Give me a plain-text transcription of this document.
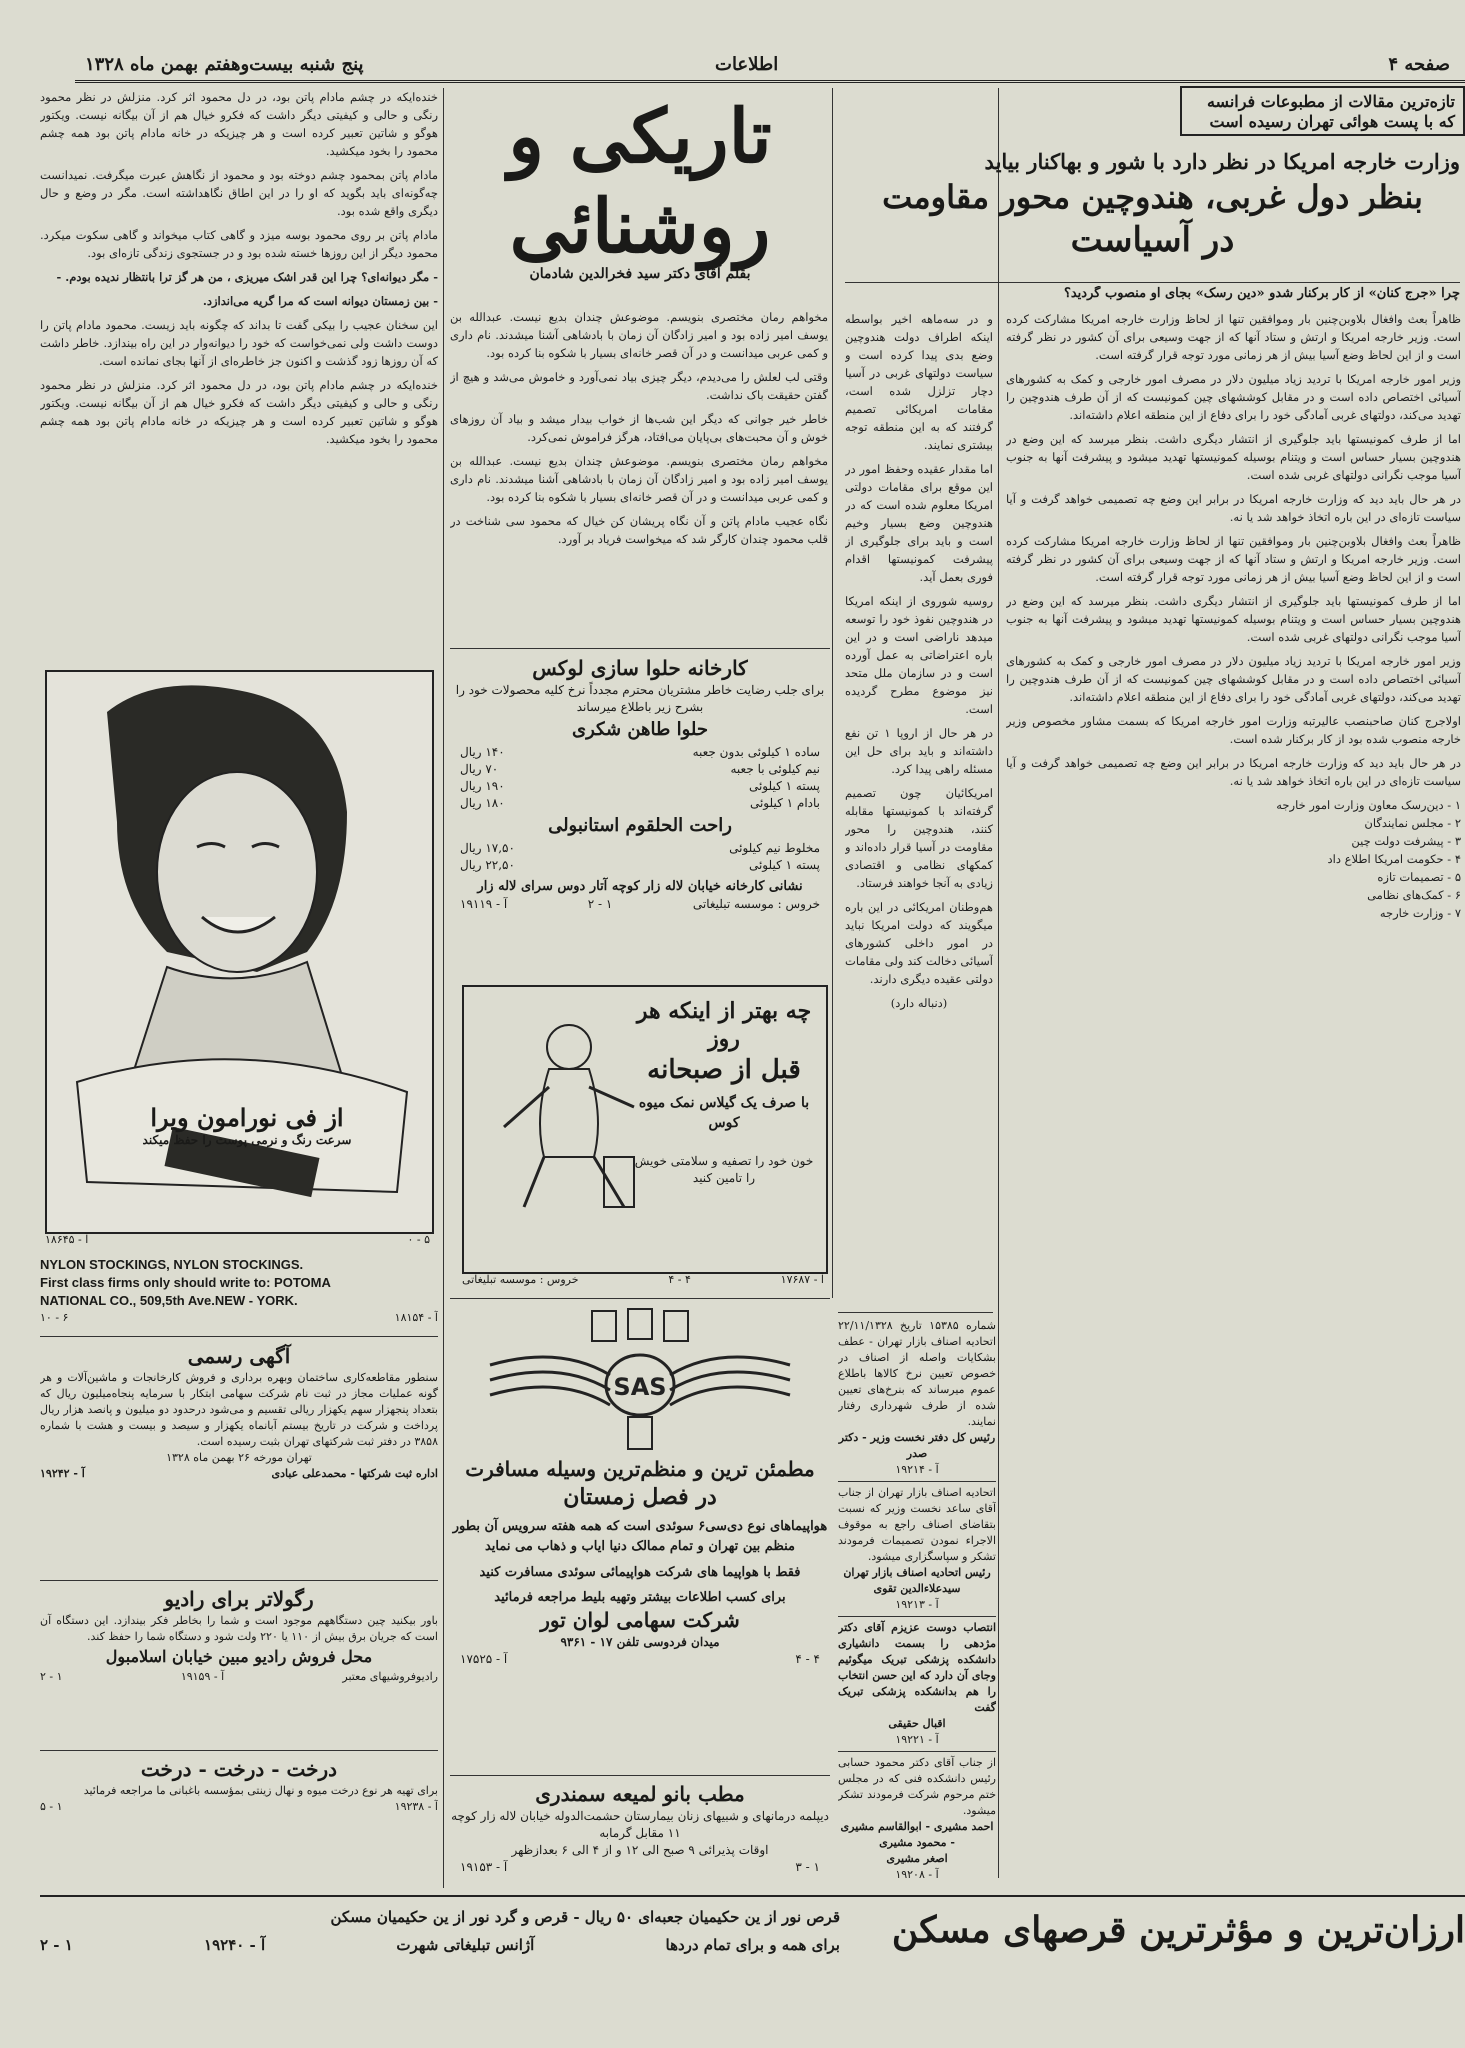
صفحه ۴
اطلاعات
پنج شنبه بیست‌وهفتم بهمن ماه ۱۳۲۸
تازه‌ترین مقالات از مطبوعات فرانسه که با پست هوائی تهران رسیده است
وزارت خارجه امریکا در نظر دارد با شور و بهاکنار بیاید
بنظر دول غربی، هندوچین محور مقاومت
در آسیاست
چرا «جرج کنان» از کار برکنار شدو «دین رسک» بجای او منصوب گردید؟

ظاهراً بعث وافغال بلاوبن‌چنین بار وموافقین تنها از لحاظ وزارت خارجه امریکا مشارکت کرده است. وزیر خارجه امریکا و ارتش و ستاد آنها که از جهت وسیعی برای آن کشور در نظر گرفته است و از این لحاظ وضع آسیا بیش از هر زمانی مورد توجه قرار گرفته است.

وزیر امور خارجه امریکا با تردید زیاد میلیون دلار در مصرف امور خارجی و کمک به کشورهای آسیائی اختصاص داده است و در مقابل کوششهای چین کمونیست که از آن طرف هندوچین را تهدید می‌کند، دولتهای غربی آمادگی خود را برای دفاع از این منطقه اعلام داشته‌اند.

اما از طرف کمونیستها باید جلوگیری از انتشار دیگری داشت. بنظر میرسد که این وضع در هندوچین بسیار حساس است و ویتنام بوسیله کمونیستها تهدید میشود و پیشرفت آنها به جنوب آسیا موجب نگرانی دولتهای غربی شده است.

در هر حال باید دید که وزارت خارجه امریکا در برابر این وضع چه تصمیمی خواهد گرفت و آیا سیاست تازه‌ای در این باره اتخاذ خواهد شد یا نه.

ظاهراً بعث وافغال بلاوبن‌چنین بار وموافقین تنها از لحاظ وزارت خارجه امریکا مشارکت کرده است. وزیر خارجه امریکا و ارتش و ستاد آنها که از جهت وسیعی برای آن کشور در نظر گرفته است و از این لحاظ وضع آسیا بیش از هر زمانی مورد توجه قرار گرفته است.

اما از طرف کمونیستها باید جلوگیری از انتشار دیگری داشت. بنظر میرسد که این وضع در هندوچین بسیار حساس است و ویتنام بوسیله کمونیستها تهدید میشود و پیشرفت آنها به جنوب آسیا موجب نگرانی دولتهای غربی شده است.

وزیر امور خارجه امریکا با تردید زیاد میلیون دلار در مصرف امور خارجی و کمک به کشورهای آسیائی اختصاص داده است و در مقابل کوششهای چین کمونیست که از آن طرف هندوچین را تهدید می‌کند، دولتهای غربی آمادگی خود را برای دفاع از این منطقه اعلام داشته‌اند.

اولاجرج کنان صاحبنصب عالیرتبه وزارت امور خارجه امریکا که بسمت مشاور مخصوص وزیر خارجه منصوب شده بود از کار برکنار شده است.

در هر حال باید دید که وزارت خارجه امریکا در برابر این وضع چه تصمیمی خواهد گرفت و آیا سیاست تازه‌ای در این باره اتخاذ خواهد شد یا نه.

۱ - دین‌رسک معاون وزارت امور خارجه
۲ - مجلس نمایندگان
۳ - پیشرفت دولت چین
۴ - حکومت امریکا اطلاع داد
۵ - تصمیمات تازه
۶ - کمک‌های نظامی
۷ - وزارت خارجه

و در سه‌ماهه اخیر بواسطه اینکه اطراف دولت هندوچین وضع بدی پیدا کرده است و سیاست دولتهای غربی در آسیا دچار تزلزل شده است، مقامات امریکائی تصمیم گرفتند که به این منطقه توجه بیشتری نمایند.

اما مقدار عقیده وحفظ امور در این موقع برای مقامات دولتی امریکا معلوم شده است که در هندوچین وضع بسیار وخیم است و باید برای جلوگیری از پیشرفت کمونیستها اقدام فوری بعمل آید.

روسیه شوروی از اینکه امریکا در هندوچین نفوذ خود را توسعه میدهد ناراضی است و در این باره اعتراضاتی به عمل آورده است و در سازمان ملل متحد نیز موضوع مطرح گردیده است.

در هر حال از اروپا ۱ تن نفع داشته‌اند و باید برای حل این مسئله راهی پیدا کرد.

امریکائیان چون تصمیم گرفته‌اند با کمونیستها مقابله کنند، هندوچین را محور مقاومت در آسیا قرار داده‌اند و کمکهای نظامی و اقتصادی زیادی به آنجا خواهند فرستاد.

هم‌وطنان امریکائی در این باره میگویند که دولت امریکا نباید در امور داخلی کشورهای آسیائی دخالت کند ولی مقامات دولتی عقیده دیگری دارند.

(دنباله دارد)
تاریکی و روشنائی
بقلم آقای دکتر سید فخرالدین شادمان

مخواهم رمان مختصری بنویسم. موضوعش چندان بدیع نیست. عبدالله بن یوسف امیر زاده بود و امیر زادگان آن زمان با بادشاهی آشنا میشدند. نام داری و کمی عربی میدانست و در آن قصر خانه‌ای بسیار با شکوه بنا کرده بود.

وقتی لب لعلش را می‌دیدم، دیگر چیزی بیاد نمی‌آورد و خاموش می‌شد و هیچ از گفتن حقیقت باک نداشت.

خاطر خیر جوانی که دیگر این شب‌ها از خواب بیدار میشد و بیاد آن روزهای خوش و آن محبت‌های بی‌پایان می‌افتاد، هرگز فراموش نمی‌کرد.

مخواهم رمان مختصری بنویسم. موضوعش چندان بدیع نیست. عبدالله بن یوسف امیر زاده بود و امیر زادگان آن زمان با بادشاهی آشنا میشدند. نام داری و کمی عربی میدانست و در آن قصر خانه‌ای بسیار با شکوه بنا کرده بود.

نگاه عجیب مادام پاتن و آن نگاه پریشان کن خیال که محمود سی شناخت در قلب محمود چندان کارگر شد که میخواست فریاد بر آورد.

کارخانه حلوا سازی لوکس
برای جلب رضایت خاطر مشتریان محترم مجدداً نرخ کلیه محصولات خود را بشرح زیر باطلاع میرساند
حلوا طاهن شکری
ساده ۱ کیلوئی بدون جعبه
۱۴۰ ریال
نیم کیلوئی با جعبه
۷۰ ریال
پسته ۱ کیلوئی
۱۹۰ ریال
بادام ۱ کیلوئی
۱۸۰ ریال
راحت الحلقوم استانبولی
مخلوط نیم کیلوئی
۱۷,۵۰ ریال
پسته ۱ کیلوئی
۲۲,۵۰ ریال
نشانی کارخانه خیابان لاله زار کوچه آتار دوس سرای لاله زار
خروس : موسسه تبلیغاتی
۱ - ۲
آ - ۱۹۱۱۹
چه بهتر از اینکه هر روز
قبل از صبحانه
با صرف یک گیلاس نمک میوه کوس
خون خود را تصفیه و سلامتی خویش را تامین کنید
آ - ۱۷۶۸۷
۴ - ۴
خروس : موسسه تبلیغاتی
SAS
مطمئن ترین و منظم‌ترین وسیله مسافرت
در فصل زمستان
هواپیماهای نوع دی‌سی‌۶ سوئدی است که همه هفته سرویس آن بطور منظم بین تهران و تمام ممالک دنیا ایاب و ذهاب می نماید
فقط با هواپیما های شرکت هواپیمائی سوئدی مسافرت کنید
برای کسب اطلاعات بیشتر وتهیه بلیط مراجعه فرمائید
شرکت سهامی لوان تور
میدان فردوسی تلفن ۱۷ - ۹۳۶۱
۴ - ۴
آ - ۱۷۵۲۵
مطب بانو لمیعه سمندری
دیپلمه درمانهای و شبیهای زنان بیمارستان حشمت‌الدوله خیابان لاله زار کوچه ۱۱ مقابل گرمابه
اوقات پذیرائی ۹ صبح الی ۱۲ و از ۴ الی ۶ بعدازظهر
۱ - ۳
آ - ۱۹۱۵۳
شماره ۱۵۳۸۵ تاریخ ۲۲/۱۱/۱۳۲۸ اتحادیه اصناف بازار تهران - عطف بشکایات واصله از اصناف در خصوص تعیین نرخ کالاها باطلاع عموم میرساند که بنرخ‌های تعیین شده از طرف شهرداری رفتار نمایند.
رئیس کل دفتر نخست وزیر - دکتر صدر
آ - ۱۹۲۱۴
اتحادیه اصناف بازار تهران از جناب آقای ساعد نخست وزیر که نسبت بتقاضای اصناف راجع به موقوف الاجراء نمودن تصمیمات فرمودند تشکر و سپاسگزاری میشود.
رئیس اتحادیه اصناف بازار تهران سیدعلاءالدین تقوی
آ - ۱۹۲۱۳
انتصاب دوست عزیزم آقای دکتر مژدهی را بسمت دانشیاری دانشکده پزشکی تبریک میگوئیم وجای آن دارد که این حسن انتخاب را هم بدانشکده پزشکی تبریک گفت
اقبال حقیقی
آ - ۱۹۲۲۱
از جناب آقای دکتر محمود حسابی رئیس دانشکده فنی که در مجلس ختم مرحوم شرکت فرمودند تشکر میشود.
احمد مشیری - ابوالقاسم مشیری - محمود مشیری
اصغر مشیری
آ - ۱۹۲۰۸

خنده‌ایکه در چشم مادام پاتن بود، در دل محمود اثر کرد. منزلش در نظر محمود رنگی و حالی و کیفیتی دیگر داشت که فکرو خیال هم از آن بیگانه نیست. ویکتور هوگو و شاتین تعبیر کرده است و هر چیزیکه در خانه مادام پاتن بود همه چشم محمود را بخود میکشید.

مادام پاتن بمحمود چشم دوخته بود و محمود از نگاهش عبرت میگرفت. نمیدانست چه‌گونه‌ای باید بگوید که او را در این اطاق نگاهداشته است. مگر در وضع و حال دیگری واقع شده بود.

مادام پاتن بر روی محمود بوسه میزد و گاهی کتاب میخواند و گاهی سکوت میکرد. محمود دیگر از این روزها خسته شده بود و در جستجوی زندگی تازه‌ای بود.

- مگر دیوانه‌ای؟ چرا این قدر اشک میریزی ، من هر گز ترا بانتظار ندیده بودم. -

- بین زمستان دیوانه است که مرا گریه می‌اندازد.

این سخنان عجیب را بیکی گفت تا بداند که چگونه باید زیست. محمود مادام پاتن را دوست داشت ولی نمی‌خواست که خود را دیوانه‌وار در این راه بیندازد. خاطر داشت که آن روزها زود گذشت و اکنون جز خاطره‌ای از آنها بجای نمانده است.

خنده‌ایکه در چشم مادام پاتن بود، در دل محمود اثر کرد. منزلش در نظر محمود رنگی و حالی و کیفیتی دیگر داشت که فکرو خیال هم از آن بیگانه نیست. ویکتور هوگو و شاتین تعبیر کرده است و هر چیزیکه در خانه مادام پاتن بود همه چشم محمود را بخود میکشید.

از فی نورامون ویرا
سرعت رنگ و نرمی پوست را حفظ میکند
۵ - ۰
آ - ۱۸۶۴۵
NYLON STOCKINGS, NYLON STOCKINGS.
First class firms only should write to: POTOMA
NATIONAL CO., 509,5th Ave.NEW - YORK.
۱۰ - ۶	آ - ۱۸۱۵۴
آگهی رسمی
سنطور مقاطعه‌کاری ساختمان وبهره برداری و فروش کارخانجات و ماشین‌آلات و هر گونه عملیات مجاز در ثبت نام شرکت سهامی ابتکار با سرمایه پنجاه‌میلیون ریال که بتعداد پنجهزار سهم یکهزار ریالی تقسیم و می‌شود درحدود دو میلیون و پانصد هزار ریال پرداخت و شرکت در تاریخ بیستم آبانماه یکهزار و سیصد و بیست و هشت با شماره ۳۸۵۸ در دفتر ثبت شرکتهای تهران بثبت رسیده است.
تهران مورخه ۲۶ بهمن ماه ۱۳۲۸
اداره ثبت شرکتها - محمدعلی عبادی
آ - ۱۹۲۴۲
رگولاتر برای رادیو
باور بیکنید چین دستگاههم موجود است و شما را بخاطر فکر بیندازد. این دستگاه آن است که جریان برق بیش از ۱۱۰ یا ۲۲۰ ولت شود و دستگاه شما را حفظ کند.
محل فروش رادیو مبین خیابان اسلامبول
رادیوفروشیهای معتبر
آ - ۱۹۱۵۹
۱ - ۲
درخت - درخت - درخت
برای تهیه هر نوع درخت میوه و نهال زینتی بمؤسسه باغبانی ما مراجعه فرمائید
آ - ۱۹۲۳۸
۱ - ۵
ارزان‌ترین و مؤثرترین قرصهای مسکن
قرص نور از ین حکیمیان جعبه‌ای ۵۰ ریال - قرص و گرد نور از ین حکیمیان مسکن
برای همه و برای تمام دردها
آژانس تبلیغاتی شهرت
آ - ۱۹۲۴۰
۱ - ۲
